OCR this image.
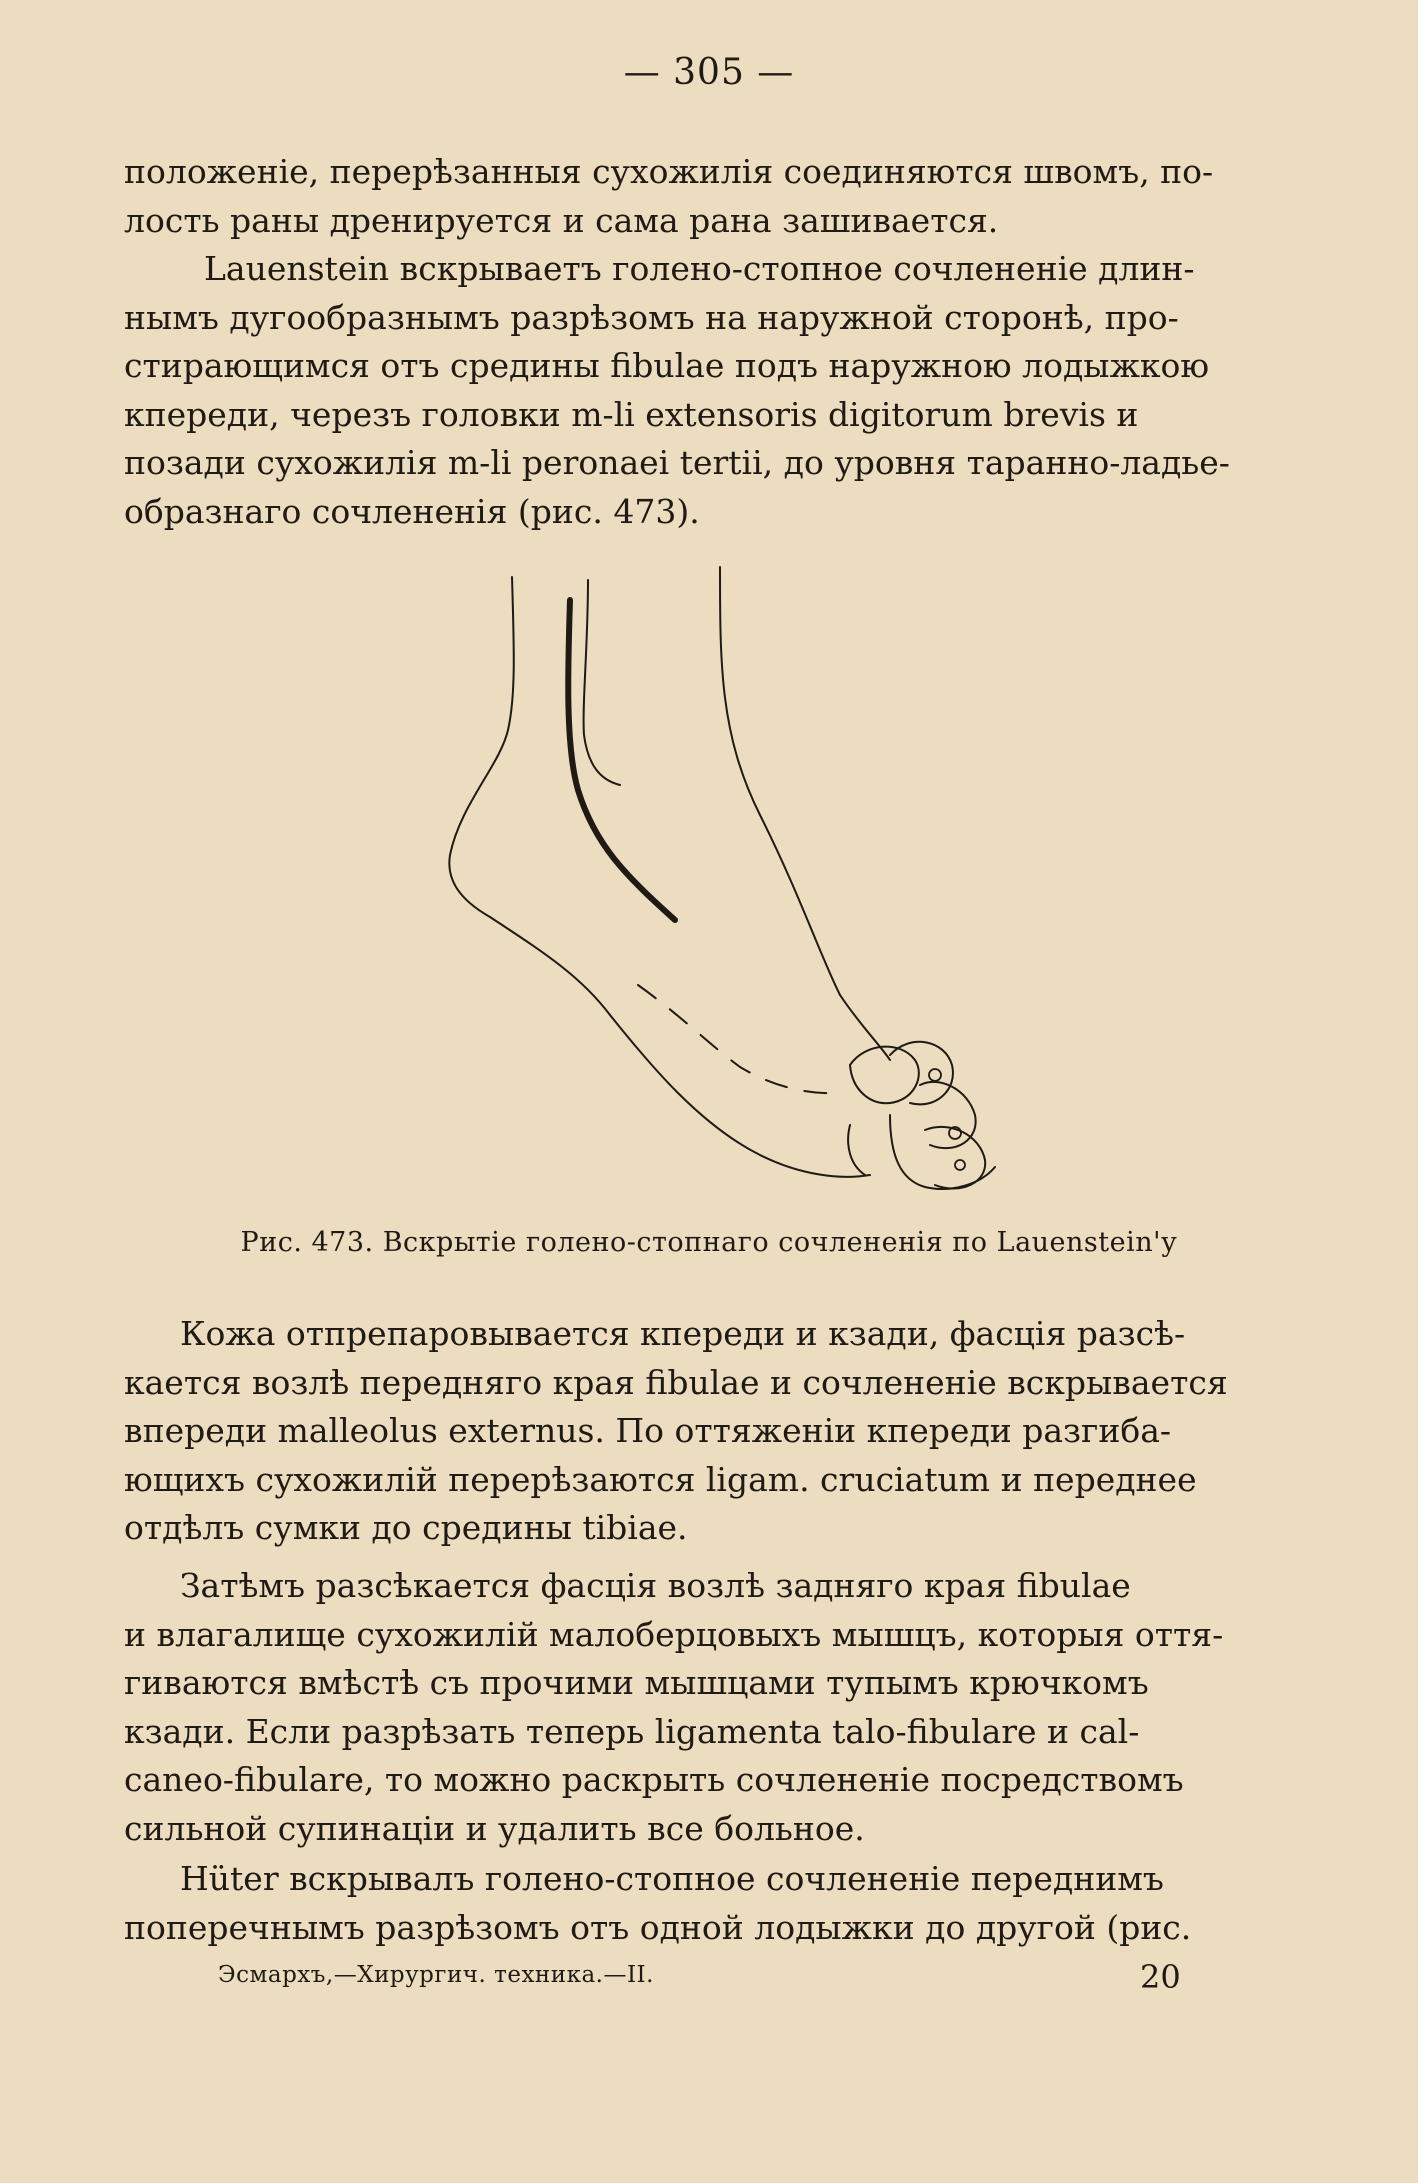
— 305 —
положеніе, перерѣзанныя сухожилія соединяются швомъ, по-
лость раны дренируется и сама рана зашивается.
Lauenstein вскрываетъ голено-стопное сочлененіе длин-
нымъ дугообразнымъ разрѣзомъ на наружной сторонѣ, про-
стирающимся отъ средины fibulae подъ наружною лодыжкою
кпереди, черезъ головки m-li extensoris digitorum brevis и
позади сухожилія m-li peronaei tertii, до уровня таранно-ладье-
образнаго сочлененія (рис. 473).
Рис. 473. Вскрытіе голено-стопнаго сочлененія по Lauenstein'у
Кожа отпрепаровывается кпереди и кзади, фасція разсѣ-
кается возлѣ передняго края fibulae и сочлененіе вскрывается
впереди malleolus externus. По оттяженіи кпереди разгиба-
ющихъ сухожилій перерѣзаются ligam. cruciatum и переднее
отдѣлъ сумки до средины tibiae.
Затѣмъ разсѣкается фасція возлѣ задняго края fibulae
и влагалище сухожилій малоберцовыхъ мышцъ, которыя оття-
гиваются вмѣстѣ съ прочими мышцами тупымъ крючкомъ
кзади. Если разрѣзать теперь ligamenta talo-fibulare и cal-
caneo-fibulare, то можно раскрыть сочлененіе посредствомъ
сильной супинаціи и удалить все больное.
Hüter вскрывалъ голено-стопное сочлененіе переднимъ
поперечнымъ разрѣзомъ отъ одной лодыжки до другой (рис.
Эсмархъ,—Хирургич. техника.—II.	20
